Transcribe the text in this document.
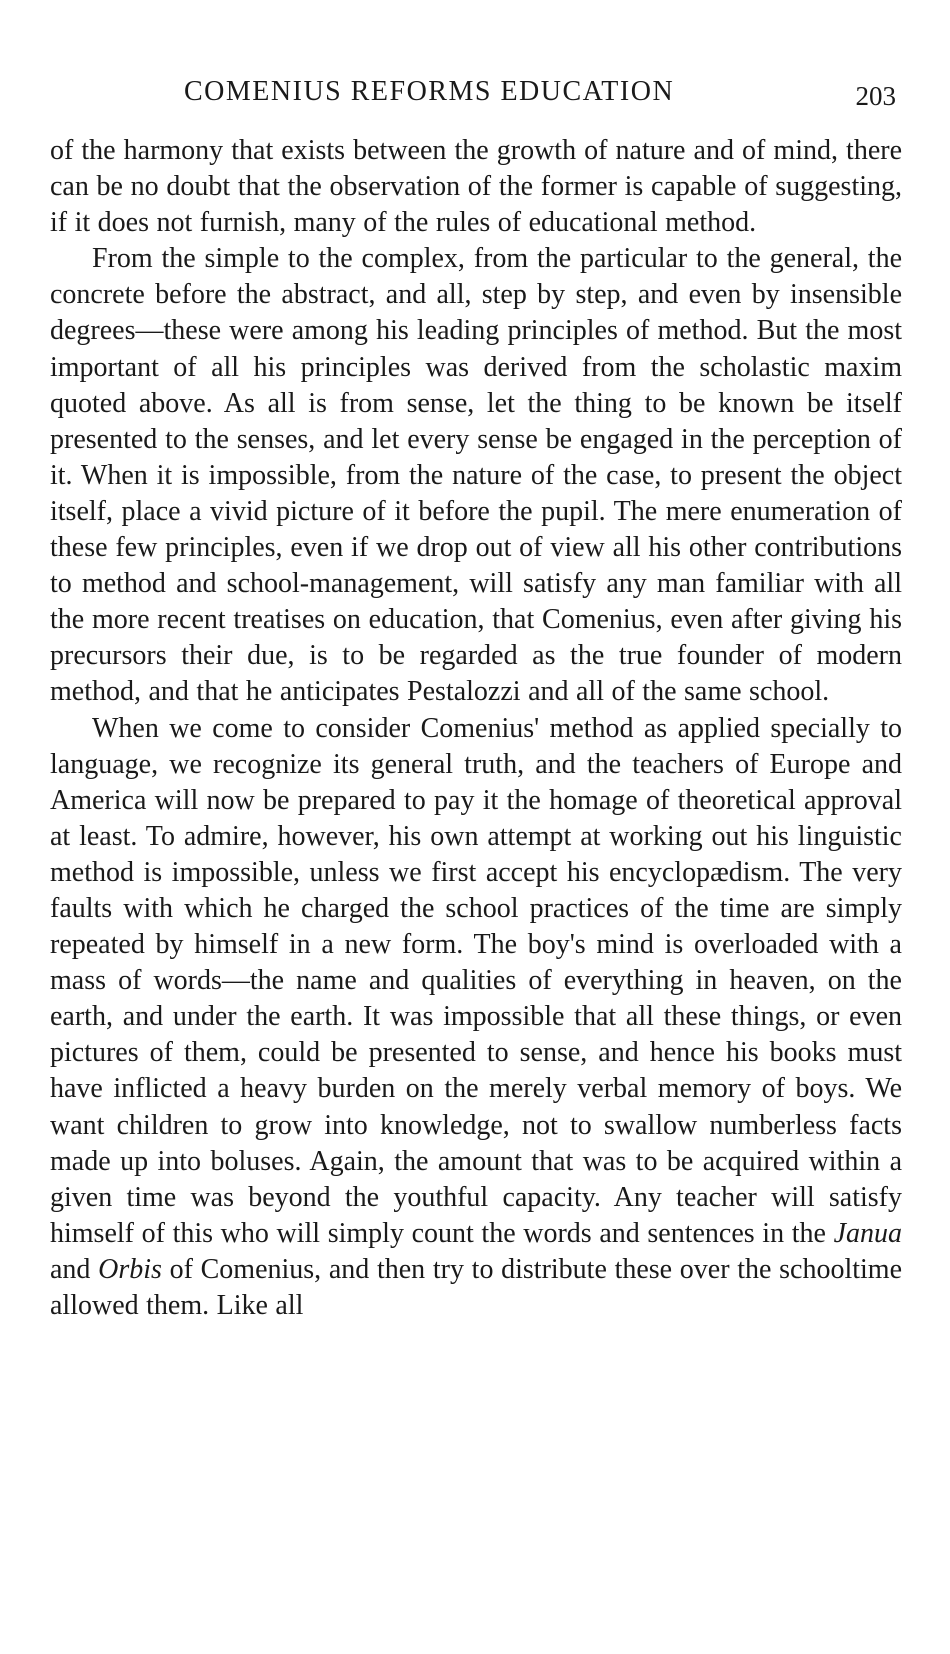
COMENIUS REFORMS EDUCATION	203

of the harmony that exists between the growth of nature and of mind, there can be no doubt that the observation of the former is capable of suggesting, if it does not furnish, many of the rules of educational method.

From the simple to the complex, from the particular to the general, the concrete before the abstract, and all, step by step, and even by insensible degrees—these were among his leading principles of method. But the most important of all his principles was derived from the scholastic maxim quoted above. As all is from sense, let the thing to be known be itself presented to the senses, and let every sense be engaged in the perception of it. When it is impossible, from the nature of the case, to present the object itself, place a vivid picture of it before the pupil. The mere enumeration of these few principles, even if we drop out of view all his other contributions to method and school-management, will satisfy any man familiar with all the more recent treatises on education, that Comenius, even after giving his precursors their due, is to be regarded as the true founder of modern method, and that he anticipates Pestalozzi and all of the same school.

When we come to consider Comenius' method as applied specially to language, we recognize its general truth, and the teachers of Europe and America will now be prepared to pay it the homage of theoretical approval at least. To admire, however, his own attempt at working out his linguistic method is impossible, unless we first accept his encyclopædism. The very faults with which he charged the school practices of the time are simply repeated by himself in a new form. The boy's mind is overloaded with a mass of words—the name and qualities of everything in heaven, on the earth, and under the earth. It was impossible that all these things, or even pictures of them, could be presented to sense, and hence his books must have inflicted a heavy burden on the merely verbal memory of boys. We want children to grow into knowledge, not to swallow numberless facts made up into boluses. Again, the amount that was to be acquired within a given time was beyond the youthful capacity. Any teacher will satisfy himself of this who will simply count the words and sentences in the Janua and Orbis of Comenius, and then try to distribute these over the schooltime allowed them. Like all
